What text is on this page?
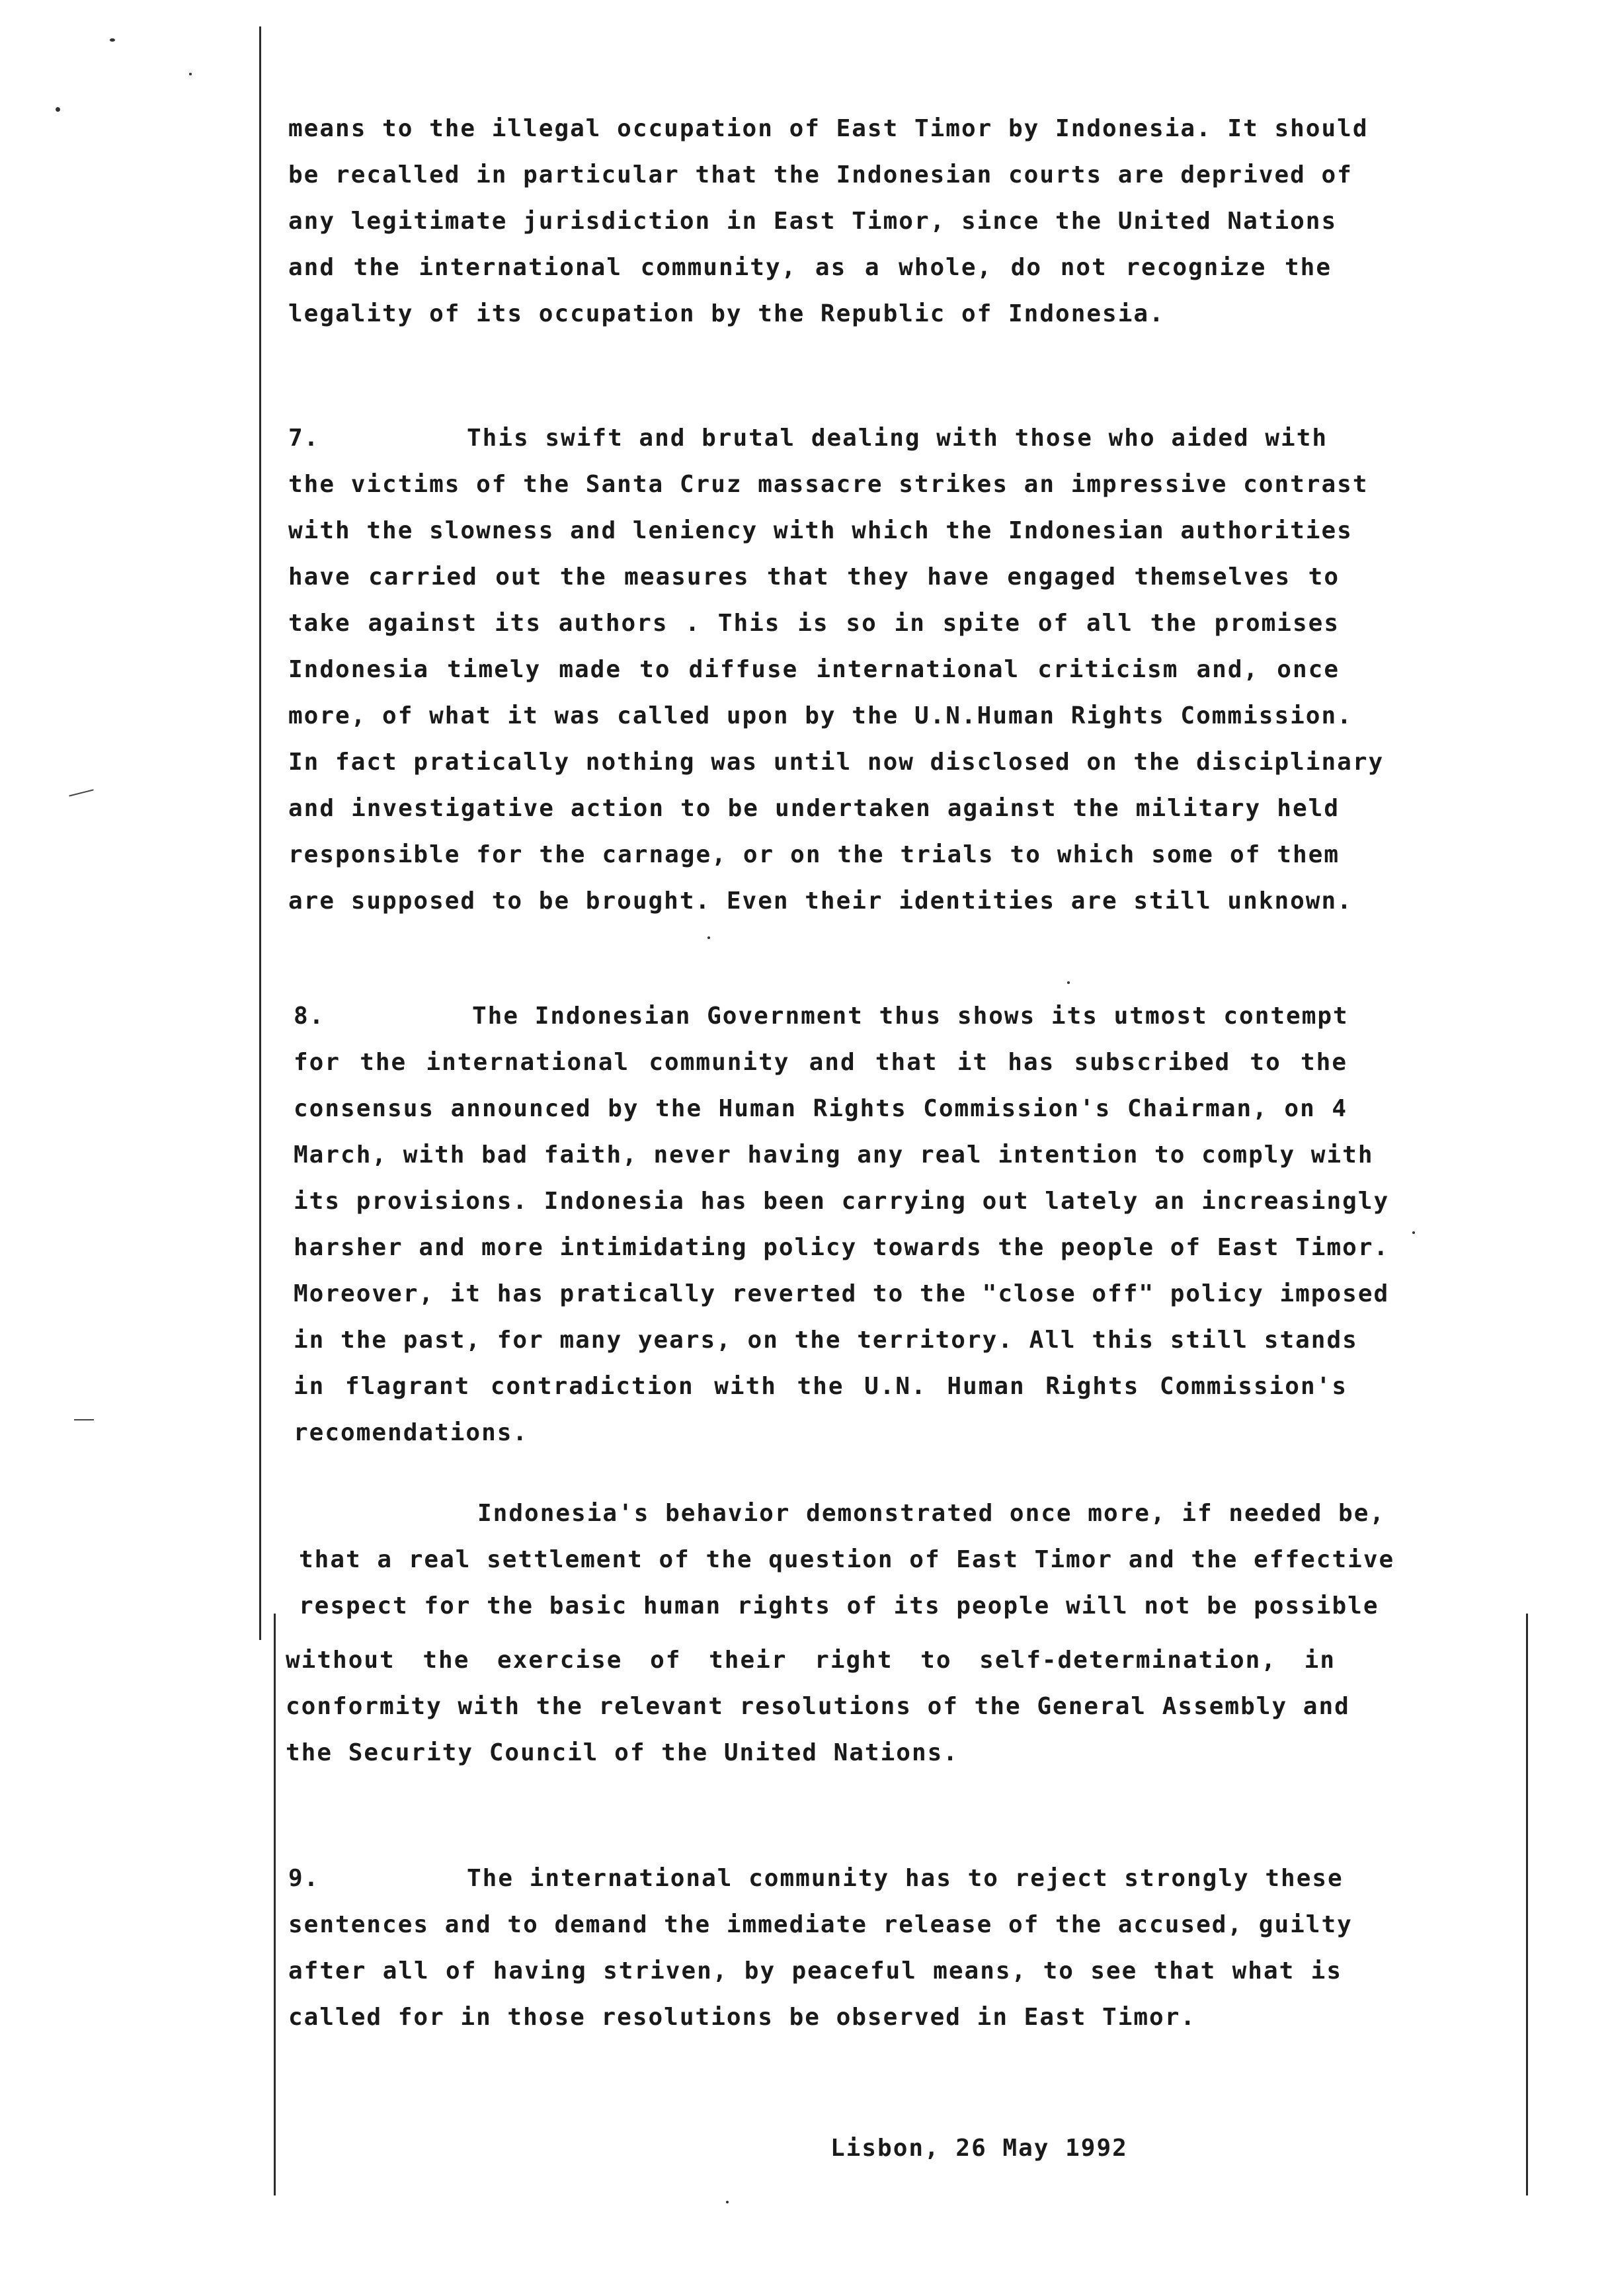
means to the illegal occupation of East Timor by Indonesia. It should
be recalled in particular that the Indonesian courts are deprived of
any legitimate jurisdiction in East Timor, since the United Nations
and the international community, as a whole, do not recognize the
legality of its occupation by the Republic of Indonesia.
7.	This swift and brutal dealing with those who aided with
the victims of the Santa Cruz massacre strikes an impressive contrast
with the slowness and leniency with which the Indonesian authorities
have carried out the measures that they have engaged themselves to
take against its authors . This is so in spite of all the promises
Indonesia timely made to diffuse international criticism and, once
more, of what it was called upon by the U.N.Human Rights Commission.
In fact pratically nothing was until now disclosed on the disciplinary
and investigative action to be undertaken against the military held
responsible for the carnage, or on the trials to which some of them
are supposed to be brought. Even their identities are still unknown.
8.	The Indonesian Government thus shows its utmost contempt
for the international community and that it has subscribed to the
consensus announced by the Human Rights Commission's Chairman, on 4
March, with bad faith, never having any real intention to comply with
its provisions. Indonesia has been carrying out lately an increasingly
harsher and more intimidating policy towards the people of East Timor.
Moreover, it has pratically reverted to the "close off" policy imposed
in the past, for many years, on the territory. All this still stands
in flagrant contradiction with the U.N. Human Rights Commission's
recomendations.
Indonesia's behavior demonstrated once more, if needed be,
that a real settlement of the question of East Timor and the effective
respect for the basic human rights of its people will not be possible
without the exercise of their right to self-determination, in
conformity with the relevant resolutions of the General Assembly and
the Security Council of the United Nations.
9.	The international community has to reject strongly these
sentences and to demand the immediate release of the accused, guilty
after all of having striven, by peaceful means, to see that what is
called for in those resolutions be observed in East Timor.
Lisbon, 26 May 1992
